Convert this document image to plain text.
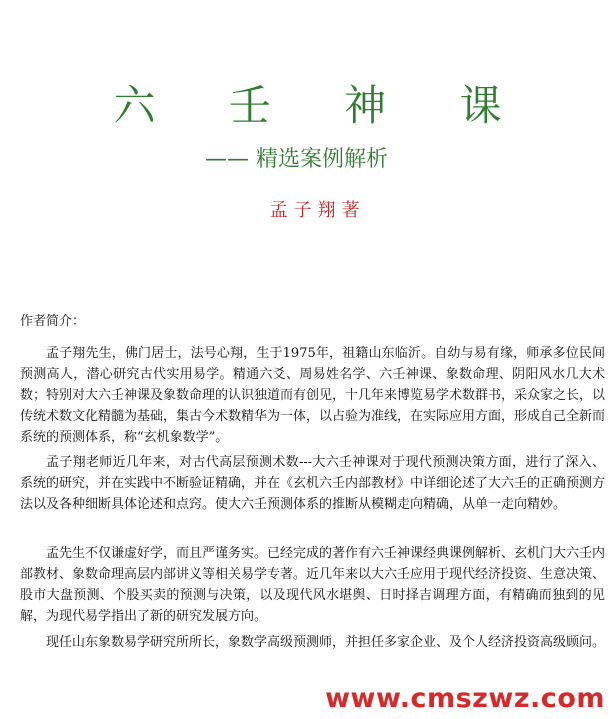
六 壬 神 课
—— 精选案例解析
孟子翔著
作者简介：

孟子翔先生，佛门居士，法号心翔，生于1975年，祖籍山东临沂。自幼与易有缘，师承多位民间预测高人，潜心研究古代实用易学。精通六爻、周易姓名学、六壬神课、象数命理、阴阳风水几大术数；特别对大六壬神课及象数命理的认识独道而有创见，十几年来博览易学术数群书，采众家之长，以传统术数文化精髓为基础，集古今术数精华为一体，以占验为准线，在实际应用方面，形成自己全新而系统的预测体系，称“玄机象数学”。

孟子翔老师近几年来，对古代高层预测术数---大六壬神课对于现代预测决策方面，进行了深入、系统的研究，并在实践中不断验证精确，并在《玄机六壬内部教材》中详细论述了大六壬的正确预测方法以及各种细断具体论述和点窍。使大六壬预测体系的推断从模糊走向精确，从单一走向精妙。

孟先生不仅谦虚好学，而且严谨务实。已经完成的著作有六壬神课经典课例解析、玄机门大六壬内部教材、象数命理高层内部讲义等相关易学专著。近几年来以大六壬应用于现代经济投资、生意决策、股市大盘预测、个股买卖的预测与决策，以及现代风水堪舆、日时择吉调理方面，有精确而独到的见解，为现代易学指出了新的研究发展方向。

现任山东象数易学研究所所长，象数学高级预测师，并担任多家企业、及个人经济投资高级顾问。

www.cmszwz.com
